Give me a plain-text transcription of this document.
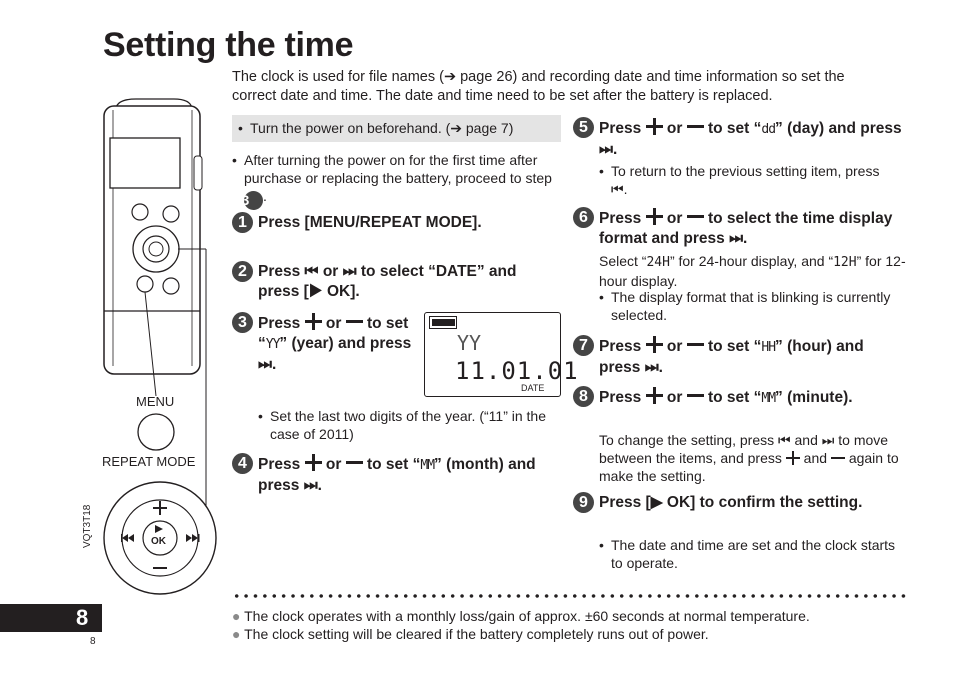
Setting the time
The clock is used for file names (➔ page 26) and recording date and time information so set the correct date and time. The date and time need to be set after the battery is replaced.
MENU
REPEAT MODE
OK
• Turn the power on beforehand. (➔ page 7)
• After turning the power on for the first time after purchase or replacing the battery, proceed to step 3 .
1 Press [MENU/REPEAT MODE].
2 Press ⏮ or ⏭ to select “DATE” and press [▶ OK].
3 Press or to set “YY” (year) and press ⏭.
YY
11.01.01
DATE
• Set the last two digits of the year. (“11” in the case of 2011)
4 Press or to set “MM” (month) and press ⏭.
5 Press or to set “dd” (day) and press ⏭.
• To return to the previous setting item, press ⏮.
6 Press or to select the time display format and press ⏭.
Select “24H” for 24-hour display, and “12H” for 12-hour display.
• The display format that is blinking is currently selected.
7 Press or to set “HH” (hour) and press ⏭.
8 Press or to set “MM” (minute).
To change the setting, press ⏮ and ⏭ to move between the items, and press and again to make the setting.
9 Press [▶ OK] to confirm the setting.
• The date and time are set and the clock starts to operate.
● The clock operates with a monthly loss/gain of approx. ±60 seconds at normal temperature.
● The clock setting will be cleared if the battery completely runs out of power.
8
8
VQT3T18
